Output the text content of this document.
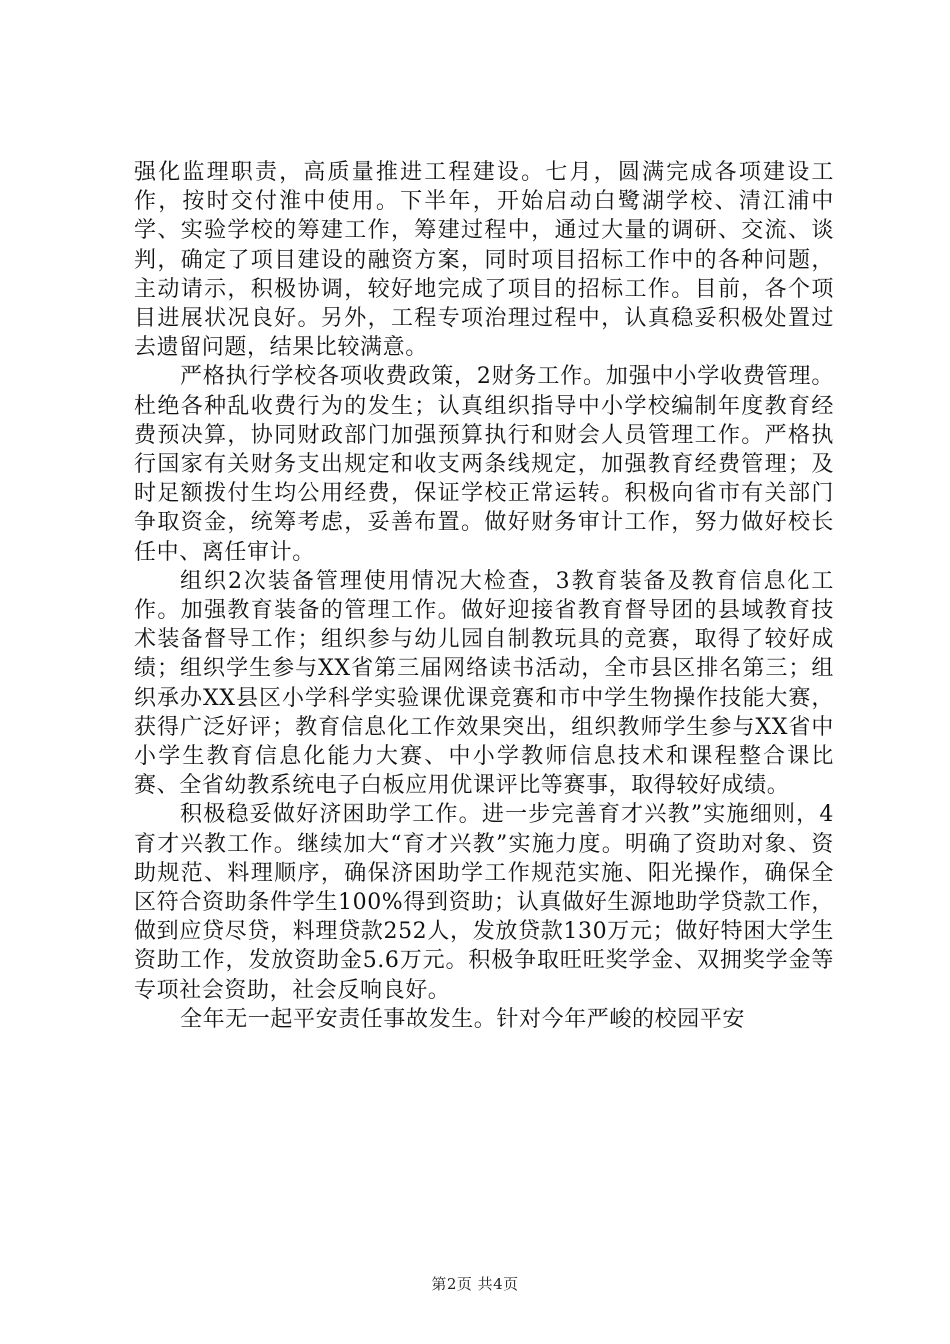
强化监理职责，高质量推进工程建设。七月，圆满完成各项建设工作，按时交付淮中使用。下半年，开始启动白鹭湖学校、清江浦中学、实验学校的筹建工作，筹建过程中，通过大量的调研、交流、谈判，确定了项目建设的融资方案，同时项目招标工作中的各种问题，主动请示，积极协调，较好地完成了项目的招标工作。目前，各个项目进展状况良好。另外，工程专项治理过程中，认真稳妥积极处置过去遗留问题，结果比较满意。

严格执行学校各项收费政策，2财务工作。加强中小学收费管理。杜绝各种乱收费行为的发生；认真组织指导中小学校编制年度教育经费预决算，协同财政部门加强预算执行和财会人员管理工作。严格执行国家有关财务支出规定和收支两条线规定，加强教育经费管理；及时足额拨付生均公用经费，保证学校正常运转。积极向省市有关部门争取资金，统筹考虑，妥善布置。做好财务审计工作，努力做好校长任中、离任审计。

组织2次装备管理使用情况大检查，3教育装备及教育信息化工作。加强教育装备的管理工作。做好迎接省教育督导团的县域教育技术装备督导工作；组织参与幼儿园自制教玩具的竞赛，取得了较好成绩；组织学生参与XX省第三届网络读书活动，全市县区排名第三；组织承办XX县区小学科学实验课优课竞赛和市中学生物操作技能大赛，获得广泛好评；教育信息化工作效果突出，组织教师学生参与XX省中小学生教育信息化能力大赛、中小学教师信息技术和课程整合课比赛、全省幼教系统电子白板应用优课评比等赛事，取得较好成绩。

积极稳妥做好济困助学工作。进一步完善育才兴教”实施细则，4育才兴教工作。继续加大“育才兴教”实施力度。明确了资助对象、资助规范、料理顺序，确保济困助学工作规范实施、阳光操作，确保全区符合资助条件学生100%得到资助；认真做好生源地助学贷款工作，做到应贷尽贷，料理贷款252人，发放贷款130万元；做好特困大学生资助工作，发放资助金5.6万元。积极争取旺旺奖学金、双拥奖学金等专项社会资助，社会反响良好。

全年无一起平安责任事故发生。针对今年严峻的校园平安

第2页 共4页
